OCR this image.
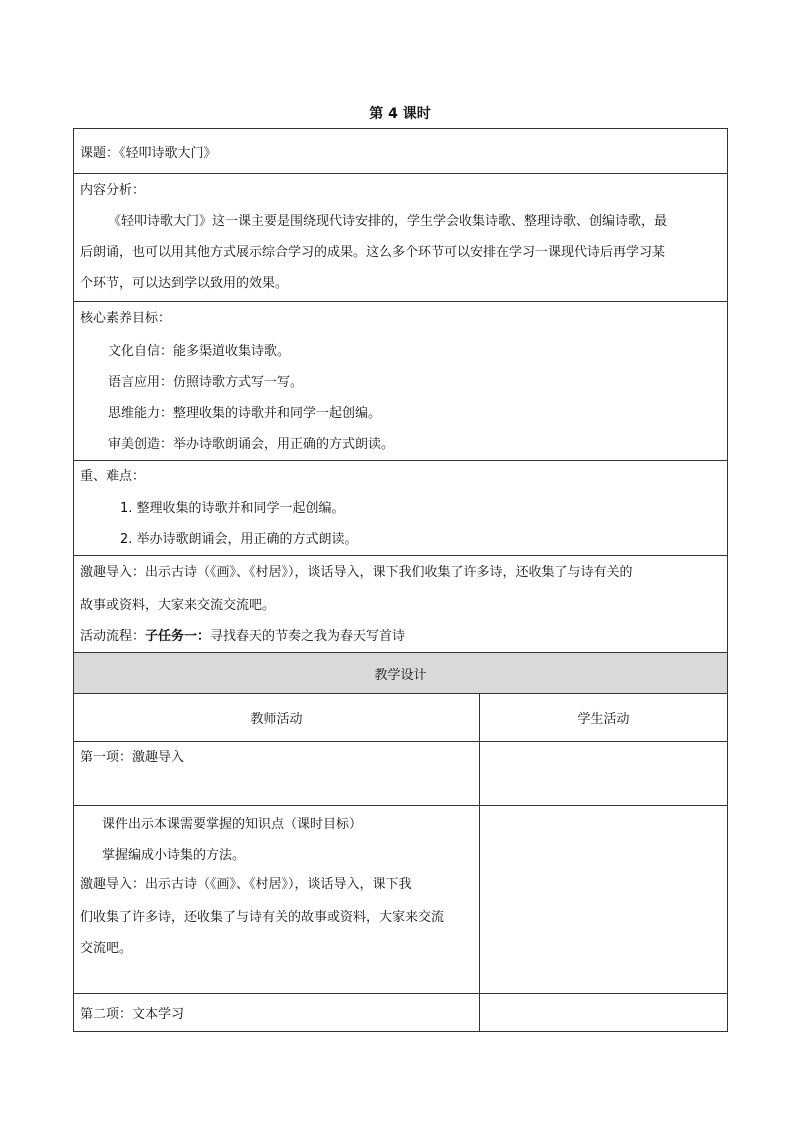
第 4 课时
课题：《轻叩诗歌大门》	

内容分析：
《轻叩诗歌大门》这一课主要是围绕现代诗安排的，学生学会收集诗歌、整理诗歌、创编诗歌，最
后朗诵，也可以用其他方式展示综合学习的成果。这么多个环节可以安排在学习一课现代诗后再学习某
个环节，可以达到学以致用的效果。	

核心素养目标：
文化自信：能多渠道收集诗歌。
语言应用：仿照诗歌方式写一写。
思维能力：整理收集的诗歌并和同学一起创编。
审美创造：举办诗歌朗诵会，用正确的方式朗读。	

重、难点：
1. 整理收集的诗歌并和同学一起创编。
2. 举办诗歌朗诵会，用正确的方式朗读。	

激趣导入：出示古诗（《画》、《村居》），谈话导入，课下我们收集了许多诗，还收集了与诗有关的
故事或资料，大家来交流交流吧。
活动流程：子任务一：寻找春天的节奏之我为春天写首诗	

教学设计	
教师活动	学生活动

第一项：激趣导入	

课件出示本课需要掌握的知识点（课时目标）
掌握编成小诗集的方法。
激趣导入：出示古诗（《画》、《村居》），谈话导入，课下我
们收集了许多诗，还收集了与诗有关的故事或资料，大家来交流
交流吧。	

第二项：文本学习	
